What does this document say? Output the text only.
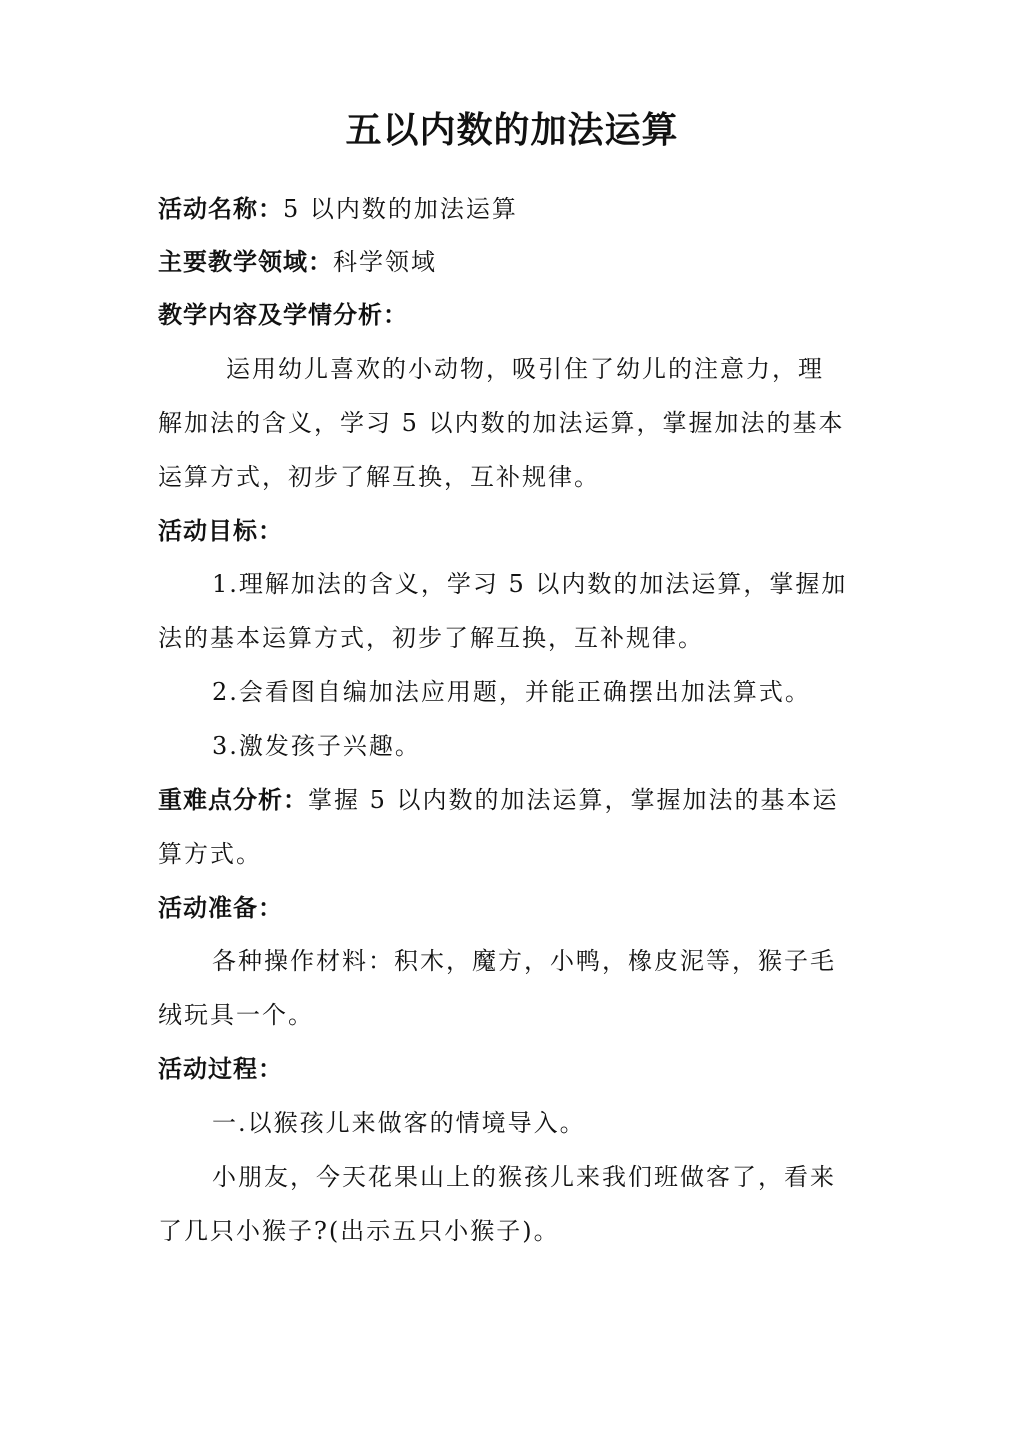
五以内数的加法运算
活动名称：5 以内数的加法运算
主要教学领域：科学领域
教学内容及学情分析：
运用幼儿喜欢的小动物，吸引住了幼儿的注意力，理
解加法的含义，学习 5 以内数的加法运算，掌握加法的基本
运算方式，初步了解互换，互补规律。
活动目标：
1.理解加法的含义，学习 5 以内数的加法运算，掌握加
法的基本运算方式，初步了解互换，互补规律。
2.会看图自编加法应用题，并能正确摆出加法算式。
3.激发孩子兴趣。
重难点分析：掌握 5 以内数的加法运算，掌握加法的基本运
算方式。
活动准备：
各种操作材料：积木，魔方，小鸭，橡皮泥等，猴子毛
绒玩具一个。
活动过程：
一.以猴孩儿来做客的情境导入。
小朋友，今天花果山上的猴孩儿来我们班做客了，看来
了几只小猴子?(出示五只小猴子)。
